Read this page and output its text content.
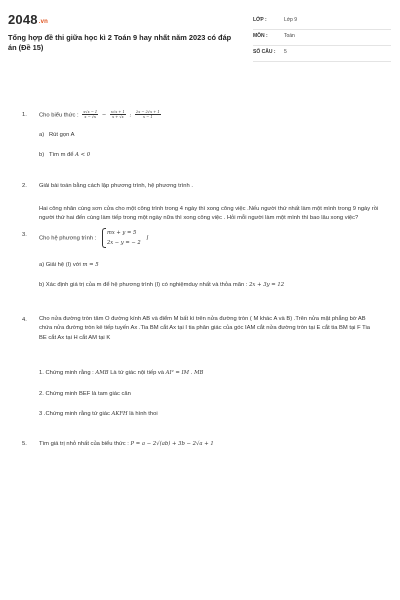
2048.vn
Tổng hợp đề thi giữa học kì 2 Toán 9 hay nhất năm 2023 có đáp án (Đề 15)
LỚP :	Lớp 9
MÔN :	Toán
SỐ CÂU : 5
1. Cho biểu thức : $\frac{x√x - 1}{x - √x} - \frac{x√x + 1}{x + √x}$ : $\frac{2x - 2√x + 1}{x - 1}$
a) Rút gọn A
b) Tìm m để A < 0
2. Giải bài toán bằng cách lập phương trình, hệ phương trình .
Hai công nhân cùng sơn cửa cho một công trình trong 4 ngày thì xong công việc .Nếu người thứ nhất làm một mình trong 9 ngày rồi người thứ hai đến cùng làm tiếp trong một ngày nữa thì xong công việc . Hỏi mỗi người làm một mình thì bao lâu xong việc?
3.
Cho hệ phương trình :
mx + y = 5
2x − y = − 2
I
a) Giải hệ (I) với m = 5
b) Xác định giá trị của m để hệ phương trình (I) có nghiệmduy nhất và thỏa mãn : 2x + 3y = 12
4. Cho nửa đường tròn tâm O đường kính AB và điểm M bất kì trên nửa đường tròn ( M khác A và B) .Trên nửa mặt phẳng bờ AB chứa nửa đường tròn kẻ tiếp tuyến Ax .Tia BM cắt Ax tại I tia phân giác của góc IAM cắt nửa đường tròn tại E cắt tia BM tại F Tia BE cắt Ax tại H cắt AM tại K
1. Chứng minh rằng : AMB Là tứ giác nội tiếp và AI² = IM . MB
2. Chứng minh BEF là tam giác cân
3 .Chứng minh rằng tứ giác AKFH là hình thoi
5. Tìm giá trị nhỏ nhất của biểu thức : P = a − 2√(ab) + 3b − 2√a + 1
